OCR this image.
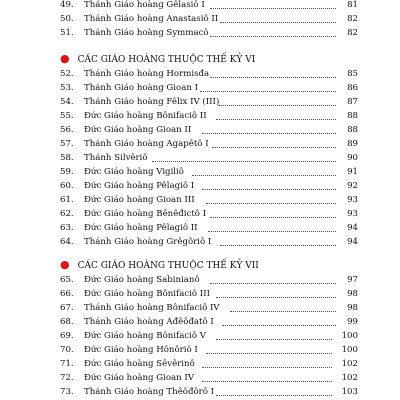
49.	Thánh Giáo hoàng Gêlasiô I	81
50.	Thánh Giáo hoàng Anastasiô II	82
51.	Thánh Giáo hoàng Symmacô	82
● CÁC GIÁO HOÀNG THUỘC THẾ KỶ VI
52.	Thánh Giáo hoàng Hormisđa	85
53.	Thánh Giáo hoàng Gioan I	86
54.	Thánh Giáo hoàng Fêlix IV (III)	87
55.	Đức Giáo hoàng Bônifaciô II	88
56.	Đức Giáo hoàng Gioan II	88
57.	Thánh Giáo hoàng Agapêtô I	89
58.	Thánh Silvêriô	90
59.	Đức Giáo hoàng Vigiliô	91
60.	Đức Giáo hoàng Pêlagiô I	92
61.	Đức Giáo hoàng Gioan III	93
62.	Đức Giáo hoàng Bênêđictô I	93
63.	Đức Giáo hoàng Pêlagiô II	94
64.	Thánh Giáo hoàng Grêgôriô I	94
● CÁC GIÁO HOÀNG THUỘC THẾ KỶ VII
65.	Đức Giáo hoàng Sabinianô	97
66.	Đức Giáo hoàng Bônifaciô III	98
67.	Thánh Giáo hoàng Bônifaciô IV	98
68.	Thánh Giáo hoàng Ađêôđatô I	99
69.	Đức Giáo hoàng Bônifaciô V	100
70.	Đức Giáo hoàng Hônôriô I	100
71.	Đức Giáo hoàng Sêvêrinô	102
72.	Đức Giáo hoàng Gioan IV	102
73.	Thánh Giáo hoàng Thêôđôrô I	103
